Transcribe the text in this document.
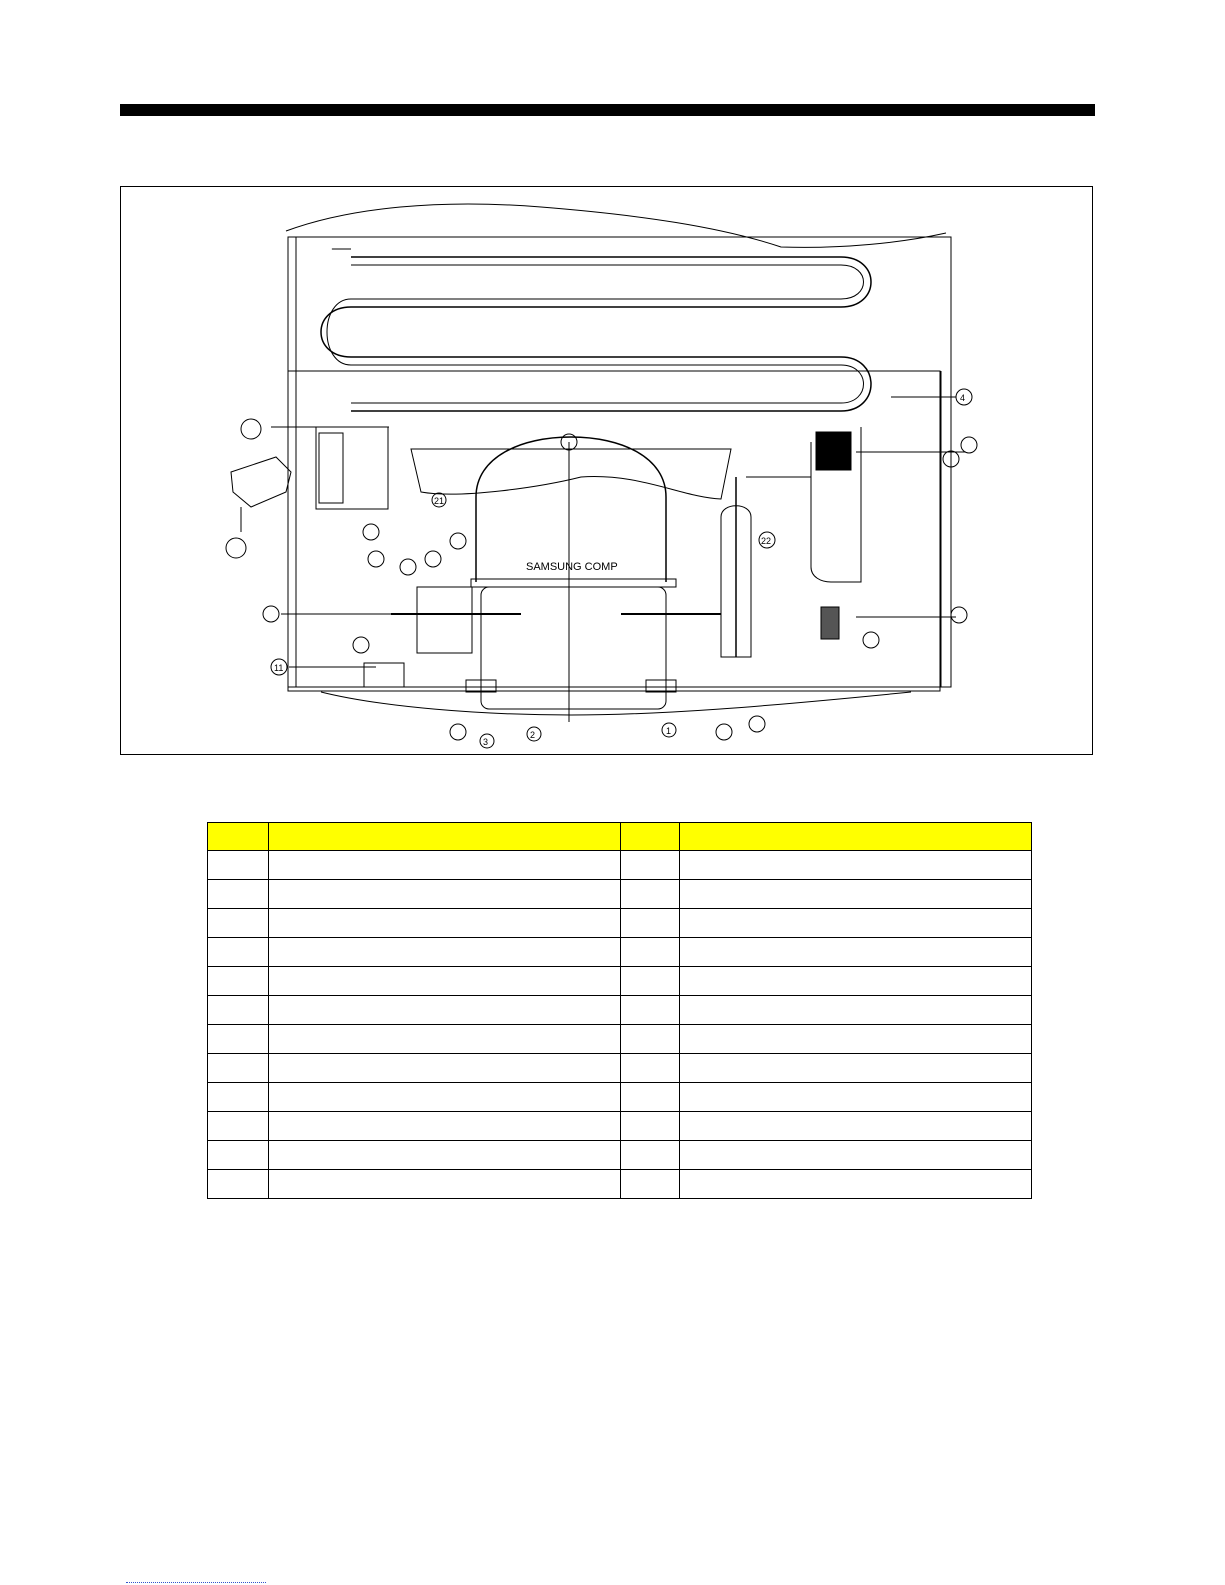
SAMSUNG COMP
21
22
2
3
1
4
11
